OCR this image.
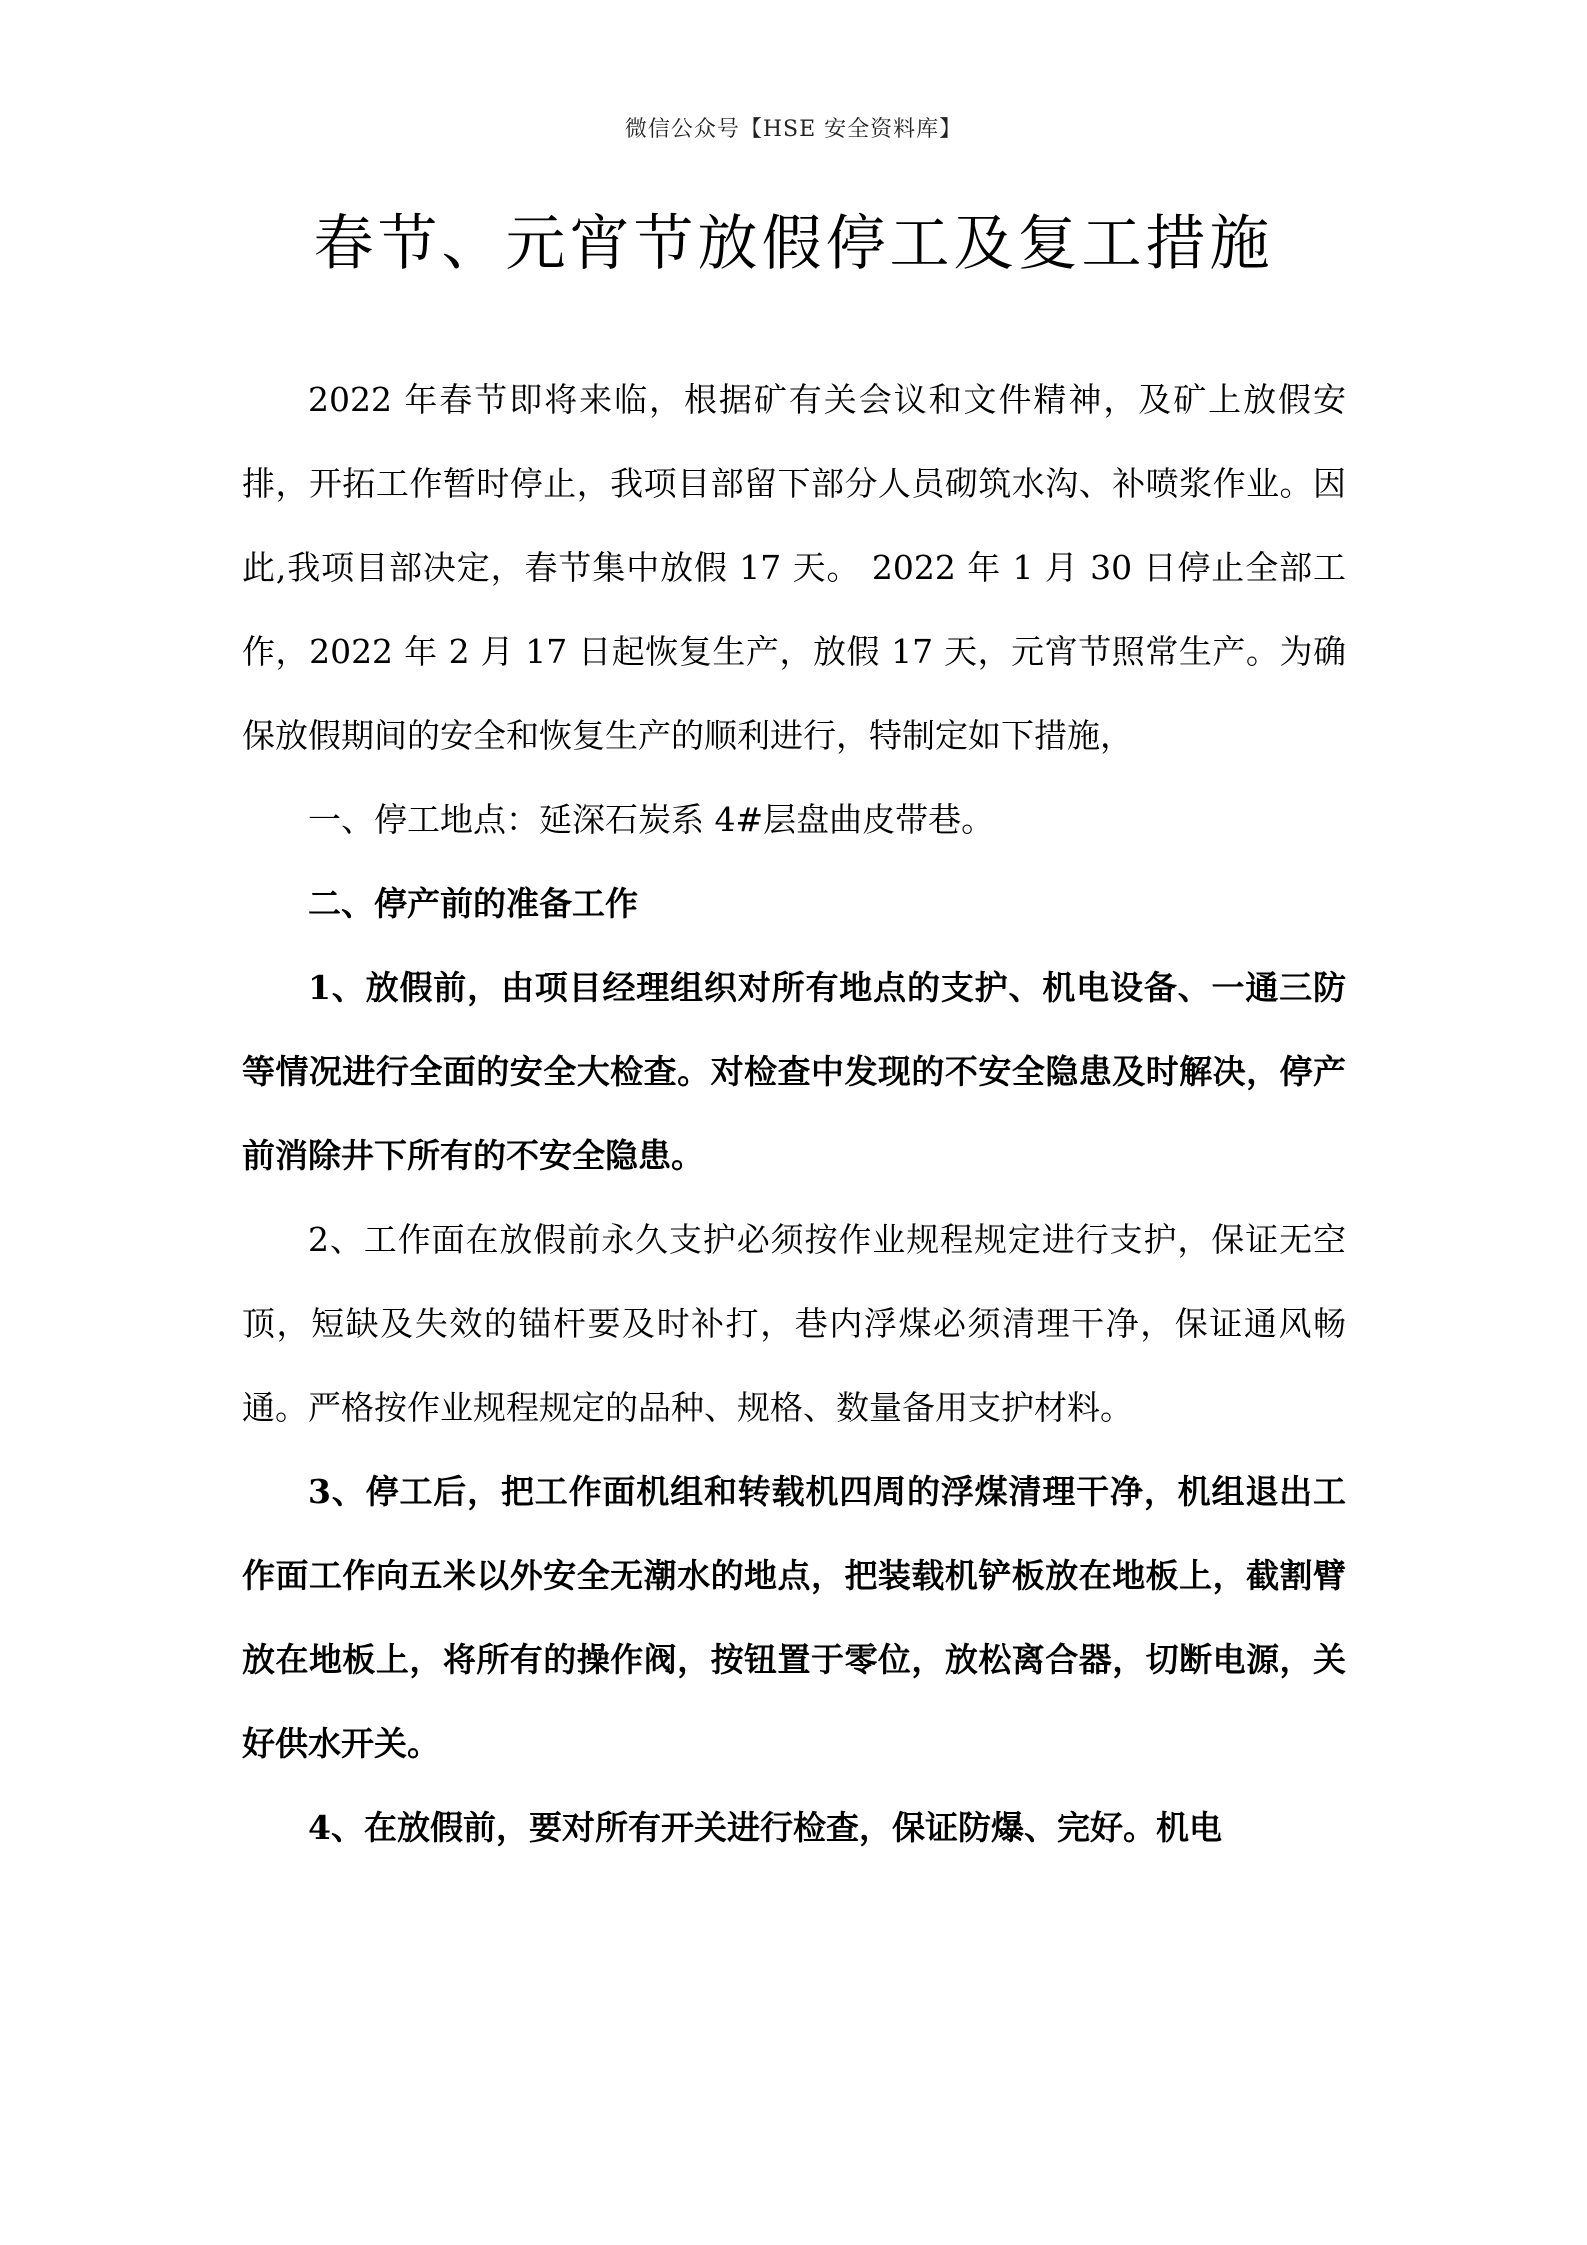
微信公众号【HSE 安全资料库】
春节、元宵节放假停工及复工措施

2022 年春节即将来临，根据矿有关会议和文件精神，及矿上放假安排，开拓工作暂时停止，我项目部留下部分人员砌筑水沟、补喷浆作业。因此,我项目部决定，春节集中放假 17 天。 2022 年 1 月 30 日停止全部工作，2022 年 2 月 17 日起恢复生产，放假 17 天，元宵节照常生产。为确保放假期间的安全和恢复生产的顺利进行，特制定如下措施，

一、停工地点：延深石炭系 4#层盘曲皮带巷。

二、停产前的准备工作

1、放假前，由项目经理组织对所有地点的支护、机电设备、一通三防等情况进行全面的安全大检查。对检查中发现的不安全隐患及时解决，停产前消除井下所有的不安全隐患。

2、工作面在放假前永久支护必须按作业规程规定进行支护，保证无空顶，短缺及失效的锚杆要及时补打，巷内浮煤必须清理干净，保证通风畅通。严格按作业规程规定的品种、规格、数量备用支护材料。

3、停工后，把工作面机组和转载机四周的浮煤清理干净，机组退出工作面工作向五米以外安全无潮水的地点，把装载机铲板放在地板上，截割臂放在地板上，将所有的操作阀，按钮置于零位，放松离合器，切断电源，关好供水开关。

4、在放假前，要对所有开关进行检查，保证防爆、完好。机电
